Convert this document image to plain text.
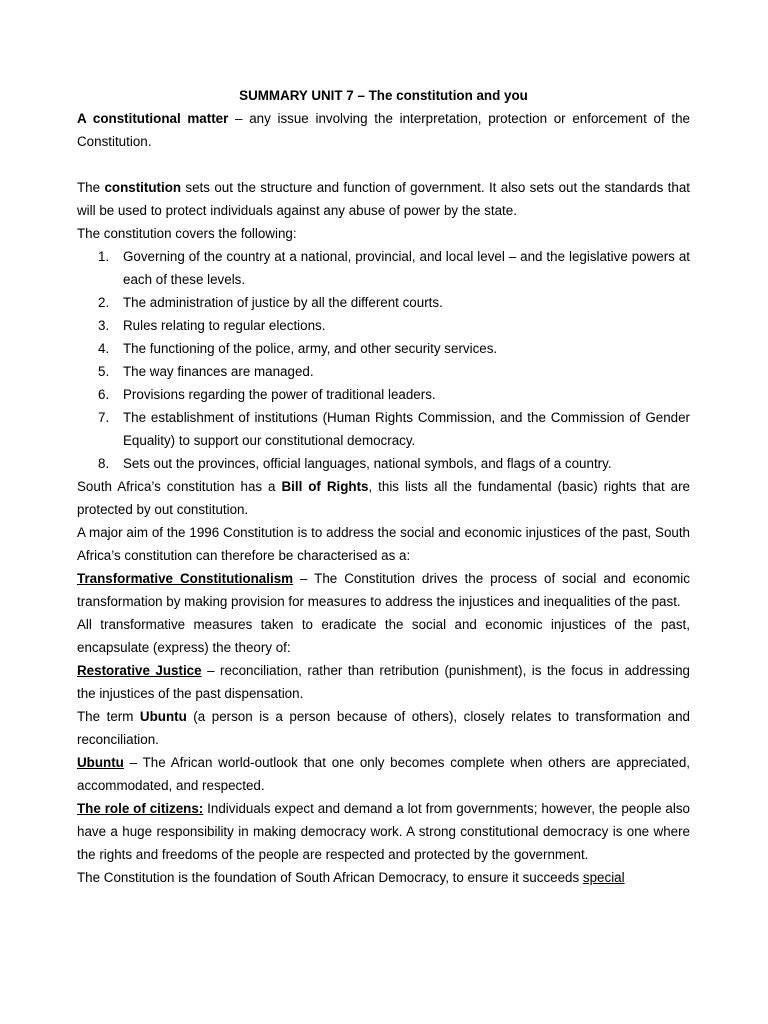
SUMMARY UNIT 7 – The constitution and you

A constitutional matter – any issue involving the interpretation, protection or enforcement of the Constitution.

The constitution sets out the structure and function of government. It also sets out the standards that will be used to protect individuals against any abuse of power by the state.

The constitution covers the following:

1. Governing of the country at a national, provincial, and local level – and the legislative powers at each of these levels.
2. The administration of justice by all the different courts.
3. Rules relating to regular elections.
4. The functioning of the police, army, and other security services.
5. The way finances are managed.
6. Provisions regarding the power of traditional leaders.
7. The establishment of institutions (Human Rights Commission, and the Commission of Gender Equality) to support our constitutional democracy.
8. Sets out the provinces, official languages, national symbols, and flags of a country.

South Africa’s constitution has a Bill of Rights, this lists all the fundamental (basic) rights that are protected by out constitution.

A major aim of the 1996 Constitution is to address the social and economic injustices of the past, South Africa’s constitution can therefore be characterised as a:

Transformative Constitutionalism – The Constitution drives the process of social and economic transformation by making provision for measures to address the injustices and inequalities of the past.

All transformative measures taken to eradicate the social and economic injustices of the past, encapsulate (express) the theory of:

Restorative Justice – reconciliation, rather than retribution (punishment), is the focus in addressing the injustices of the past dispensation.

The term Ubuntu (a person is a person because of others), closely relates to transformation and reconciliation.

Ubuntu – The African world-outlook that one only becomes complete when others are appreciated, accommodated, and respected.

The role of citizens: Individuals expect and demand a lot from governments; however, the people also have a huge responsibility in making democracy work. A strong constitutional democracy is one where the rights and freedoms of the people are respected and protected by the government.

The Constitution is the foundation of South African Democracy, to ensure it succeeds special
